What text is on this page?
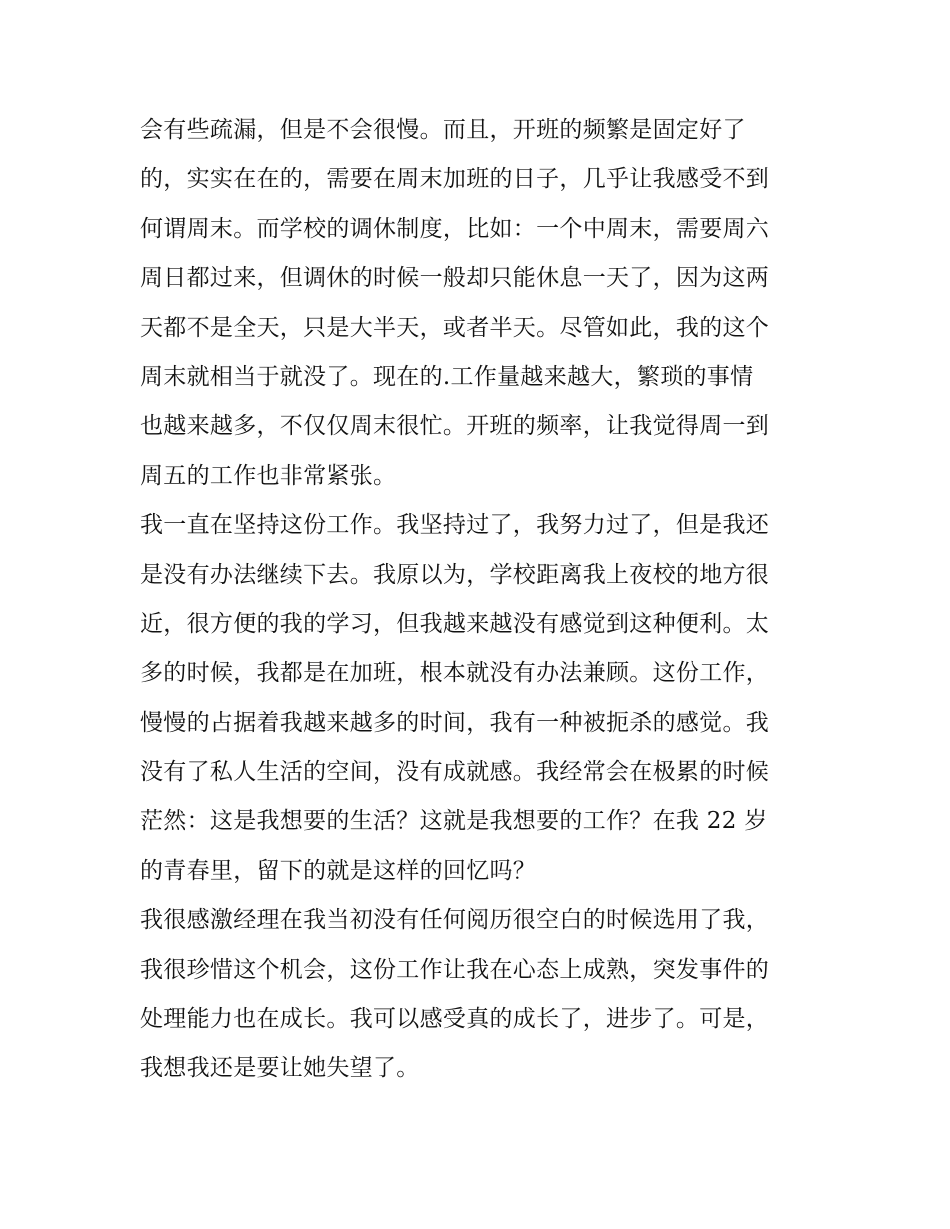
会有些疏漏，但是不会很慢。而且，开班的频繁是固定好了
的，实实在在的，需要在周末加班的日子，几乎让我感受不到
何谓周末。而学校的调休制度，比如：一个中周末，需要周六
周日都过来，但调休的时候一般却只能休息一天了，因为这两
天都不是全天，只是大半天，或者半天。尽管如此，我的这个
周末就相当于就没了。现在的.工作量越来越大，繁琐的事情
也越来越多，不仅仅周末很忙。开班的频率，让我觉得周一到
周五的工作也非常紧张。
我一直在坚持这份工作。我坚持过了，我努力过了，但是我还
是没有办法继续下去。我原以为，学校距离我上夜校的地方很
近，很方便的我的学习，但我越来越没有感觉到这种便利。太
多的时候，我都是在加班，根本就没有办法兼顾。这份工作，
慢慢的占据着我越来越多的时间，我有一种被扼杀的感觉。我
没有了私人生活的空间，没有成就感。我经常会在极累的时候
茫然：这是我想要的生活？这就是我想要的工作？在我 22 岁
的青春里，留下的就是这样的回忆吗？
我很感激经理在我当初没有任何阅历很空白的时候选用了我，
我很珍惜这个机会，这份工作让我在心态上成熟，突发事件的
处理能力也在成长。我可以感受真的成长了，进步了。可是，
我想我还是要让她失望了。
